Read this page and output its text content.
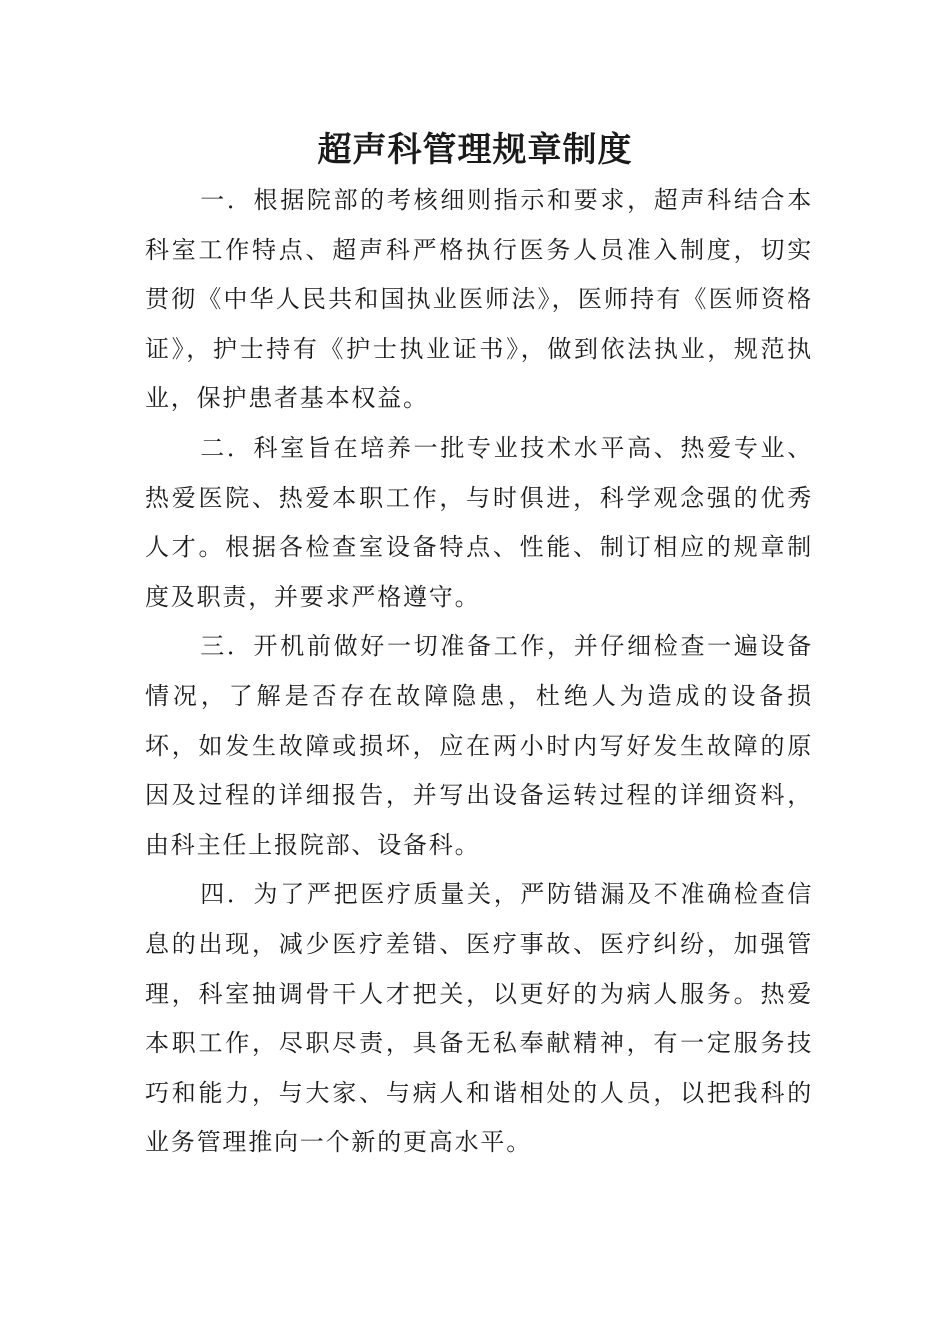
超声科管理规章制度

一．根据院部的考核细则指示和要求，超声科结合本科室工作特点、超声科严格执行医务人员准入制度，切实贯彻《中华人民共和国执业医师法》，医师持有《医师资格证》，护士持有《护士执业证书》，做到依法执业，规范执业，保护患者基本权益。

二．科室旨在培养一批专业技术水平高、热爱专业、热爱医院、热爱本职工作，与时俱进，科学观念强的优秀人才。根据各检查室设备特点、性能、制订相应的规章制度及职责，并要求严格遵守。

三．开机前做好一切准备工作，并仔细检查一遍设备情况，了解是否存在故障隐患，杜绝人为造成的设备损坏，如发生故障或损坏，应在两小时内写好发生故障的原因及过程的详细报告，并写出设备运转过程的详细资料，由科主任上报院部、设备科。

四．为了严把医疗质量关，严防错漏及不准确检查信息的出现，减少医疗差错、医疗事故、医疗纠纷，加强管理，科室抽调骨干人才把关，以更好的为病人服务。热爱本职工作，尽职尽责，具备无私奉献精神，有一定服务技巧和能力，与大家、与病人和谐相处的人员，以把我科的业务管理推向一个新的更高水平。
